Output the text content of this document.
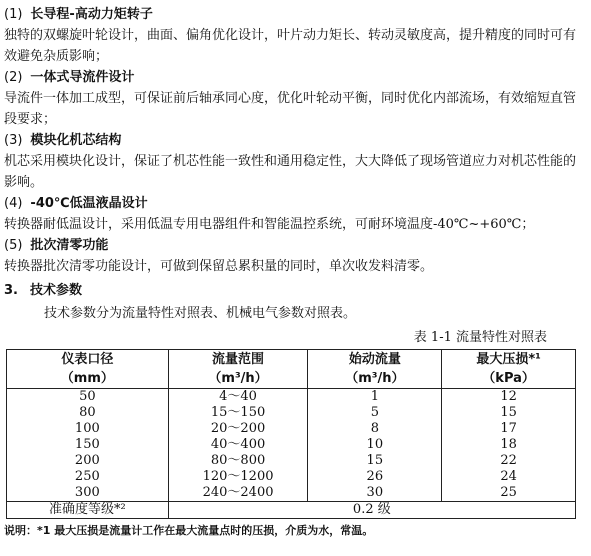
(1) 长导程-高动力矩转子
独特的双螺旋叶轮设计，曲面、偏角优化设计，叶片动力矩长、转动灵敏度高，提升精度的同时可有效避免杂质影响；
(2) 一体式导流件设计
导流件一体加工成型，可保证前后轴承同心度，优化叶轮动平衡，同时优化内部流场，有效缩短直管段要求；
(3) 模块化机芯结构
机芯采用模块化设计，保证了机芯性能一致性和通用稳定性，大大降低了现场管道应力对机芯性能的影响。
(4) -40℃低温液晶设计
转换器耐低温设计，采用低温专用电器组件和智能温控系统，可耐环境温度-40℃~+60℃；
(5) 批次清零功能
转换器批次清零功能设计，可做到保留总累积量的同时，单次收发料清零。
3. 技术参数
技术参数分为流量特性对照表、机械电气参数对照表。
表 1-1 流量特性对照表
仪表口径	流量范围	始动流量	最大压损*¹
（mm）	（m³/h）	（m³/h）	（kPa）
50	4～40	1	12
80	15～150	5	15
100	20～200	8	17
150	40～400	10	18
200	80～800	15	22
250	120～1200	26	24
300	240～2400	30	25
准确度等级*²	0.2 级		
说明：*1 最大压损是流量计工作在最大流量点时的压损，介质为水，常温。
